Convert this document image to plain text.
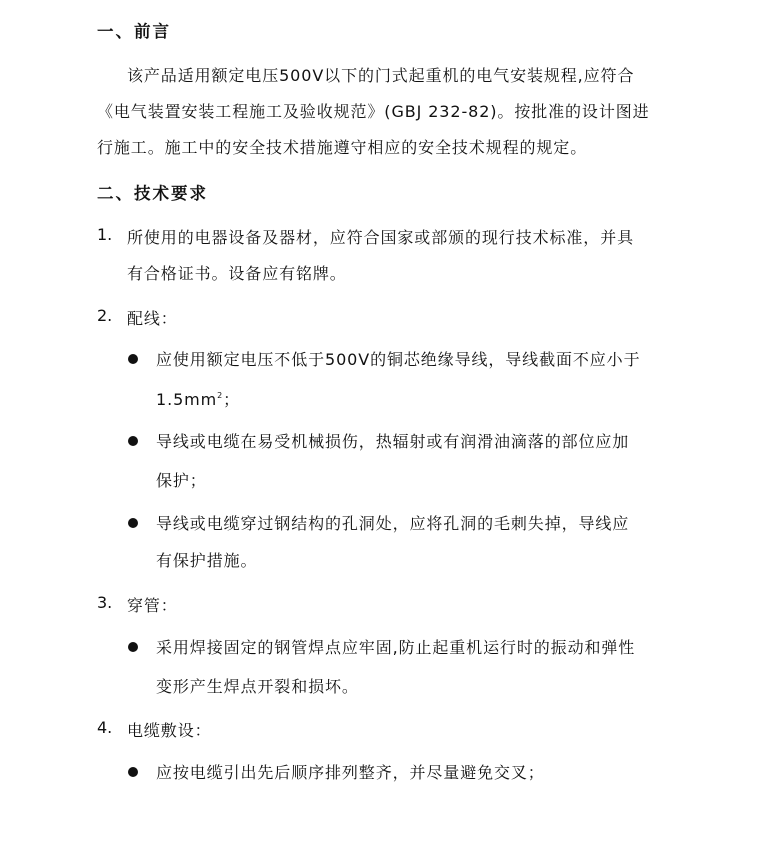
一、前言
该产品适用额定电压500V以下的门式起重机的电气安装规程,应符合
《电气装置安装工程施工及验收规范》(GBJ 232-82)。按批准的设计图进
行施工。施工中的安全技术措施遵守相应的安全技术规程的规定。
二、技术要求
1. 所使用的电器设备及器材，应符合国家或部颁的现行技术标准，并具
有合格证书。设备应有铭牌。
2. 配线：
应使用额定电压不低于500V的铜芯绝缘导线，导线截面不应小于
$1.5mm^2$；
导线或电缆在易受机械损伤，热辐射或有润滑油滴落的部位应加
保护；
导线或电缆穿过钢结构的孔洞处，应将孔洞的毛刺失掉，导线应
有保护措施。
3. 穿管：
采用焊接固定的钢管焊点应牢固,防止起重机运行时的振动和弹性
变形产生焊点开裂和损坏。
4. 电缆敷设：
应按电缆引出先后顺序排列整齐，并尽量避免交叉；
